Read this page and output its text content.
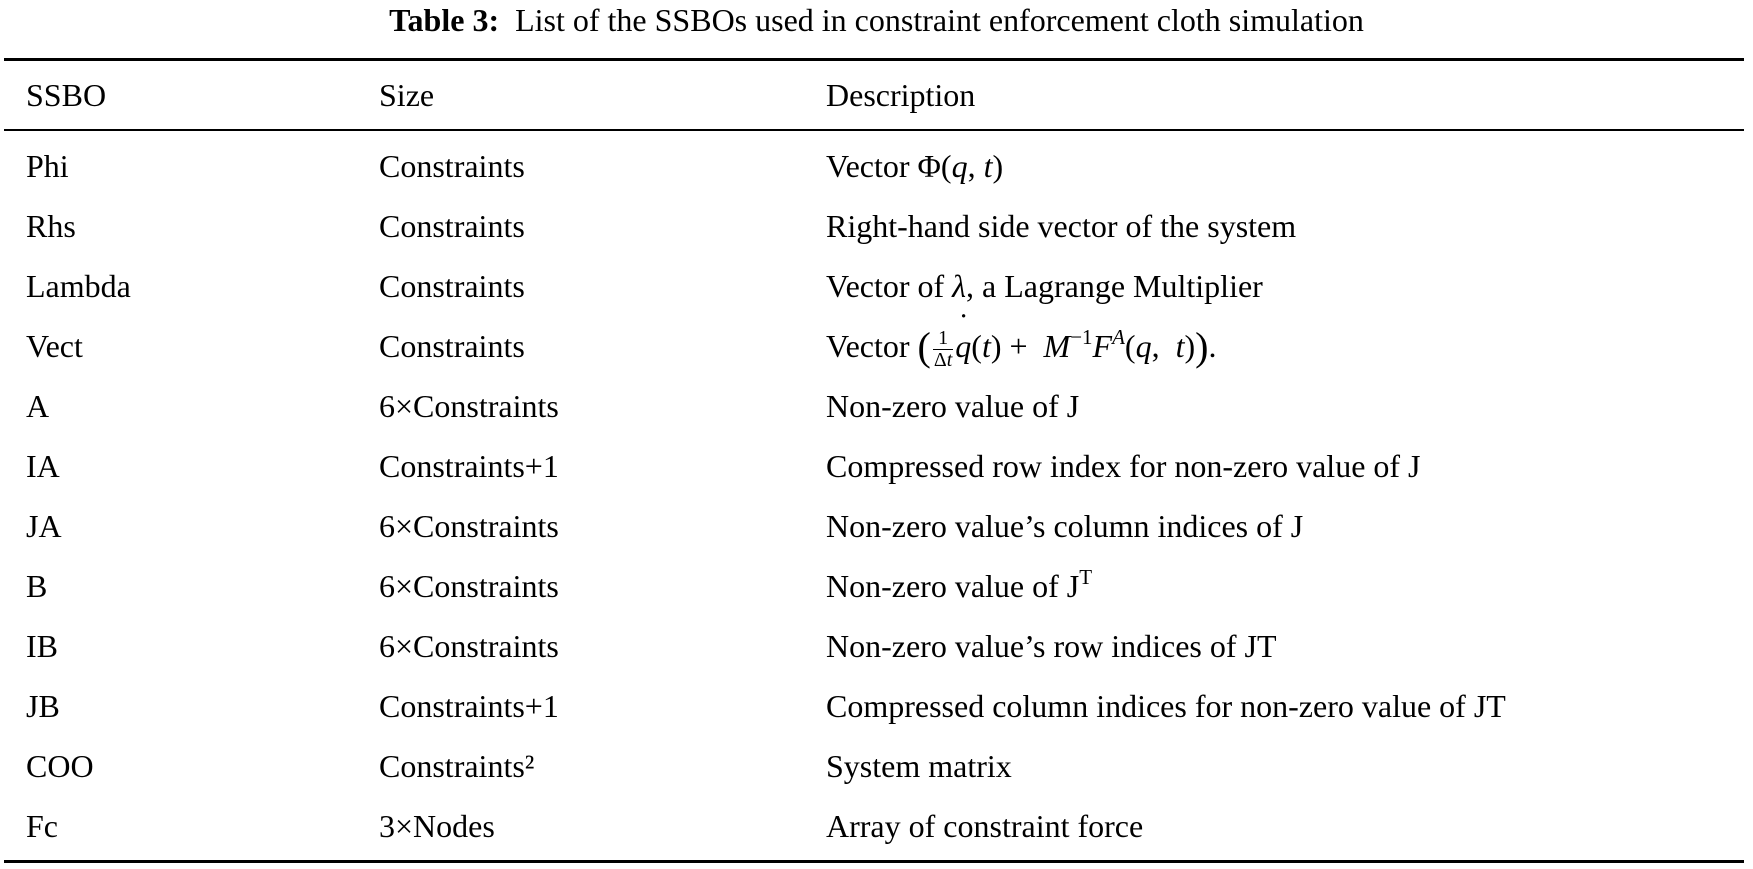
Table 3: List of the SSBOs used in constraint enforcement cloth simulation
SSBO	Size	Description
Phi	Constraints	Vector Φ(q, t)
Rhs	Constraints	Right-hand side vector of the system
Lambda	Constraints	Vector of λ, a Lagrange Multiplier
Vect	Constraints	Vector ( $\frac{1}{\Delta t}$
˙ $q(t) + M^{-1}F^A(q$,  t)).
A	6×Constraints	Non-zero value of J
IA	Constraints+1	Compressed row index for non-zero value of J
JA	6×Constraints	Non-zero value’s column indices of J
B	6×Constraints	Non-zero value of $J^T$
IB	6×Constraints	Non-zero value’s row indices of JT
JB	Constraints+1	Compressed column indices for non-zero value of JT
COO	Constraints²	System matrix
Fc	3×Nodes	Array of constraint force
